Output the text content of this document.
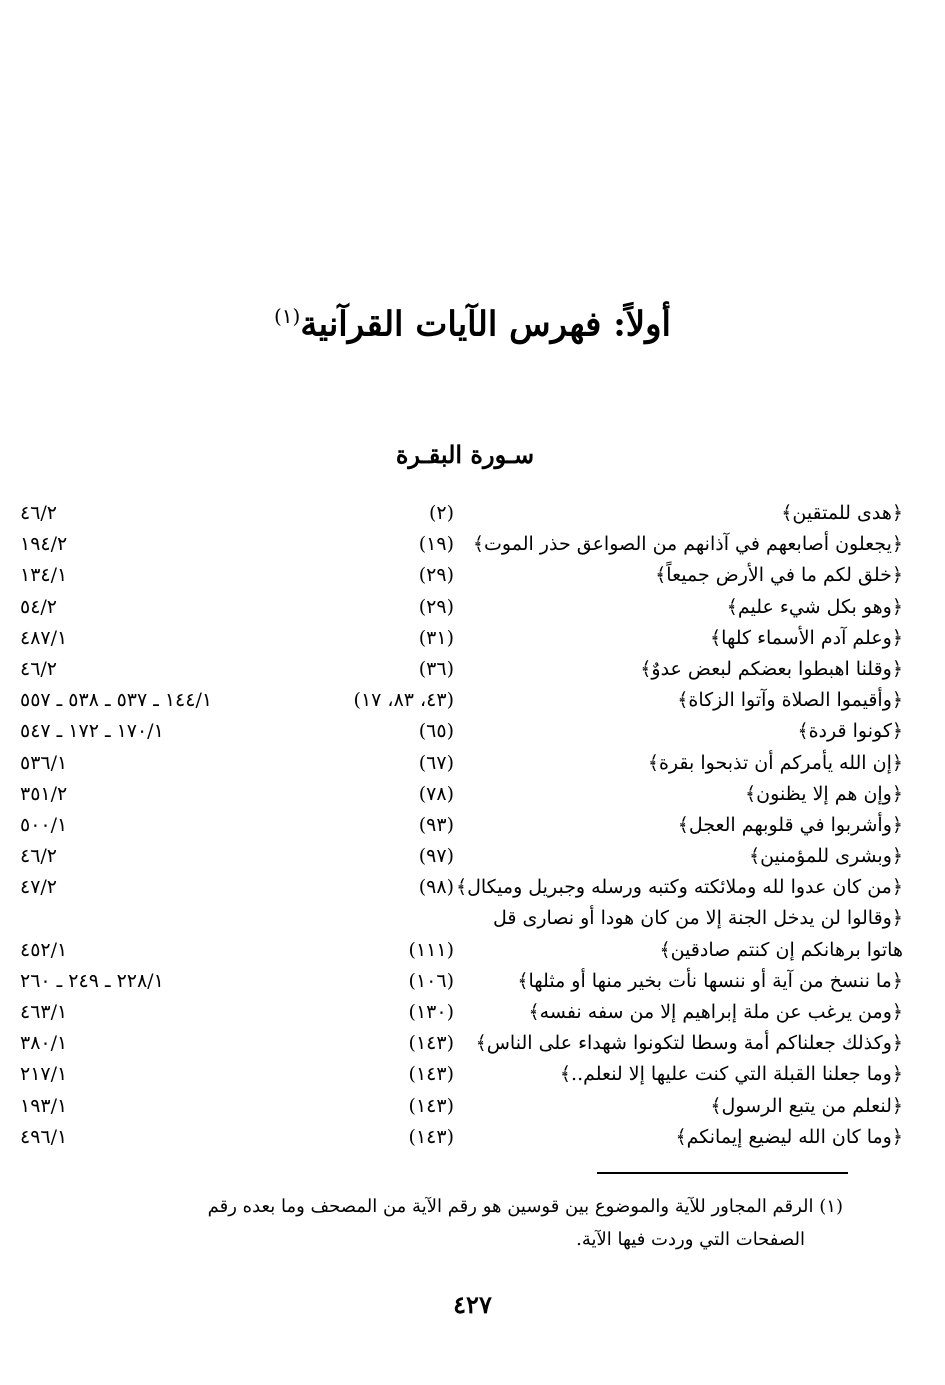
أولاً: فهرس الآيات القرآنية$^{(١)}$
سـورة البقـرة
﴿هدى للمتقين﴾
(٢)
٤٦/٢
﴿يجعلون أصابعهم في آذانهم من الصواعق حذر الموت﴾
(١٩)
١٩٤/٢
﴿خلق لكم ما في الأرض جميعاً﴾
(٢٩)
١٣٤/١
﴿وهو بكل شيء عليم﴾
(٢٩)
٥٤/٢
﴿وعلم آدم الأسماء كلها﴾
(٣١)
٤٨٧/١
﴿وقلنا اهبطوا بعضكم لبعض عدوٌ﴾
(٣٦)
٤٦/٢
﴿وأقيموا الصلاة وآتوا الزكاة﴾
(٤٣، ٨٣، ١٧)
١٤٤/١ ـ ٥٣٧ ـ ٥٣٨ ـ ٥٥٧
﴿كونوا قردة﴾
(٦٥)
١٧٠/١ ـ ١٧٢ ـ ٥٤٧
﴿إن الله يأمركم أن تذبحوا بقرة﴾
(٦٧)
٥٣٦/١
﴿وإن هم إلا يظنون﴾
(٧٨)
٣٥١/٢
﴿وأشربوا في قلوبهم العجل﴾
(٩٣)
٥٠٠/١
﴿وبشرى للمؤمنين﴾
(٩٧)
٤٦/٢
﴿من كان عدوا لله وملائكته وكتبه ورسله وجبريل وميكال﴾
(٩٨)
٤٧/٢
﴿وقالوا لن يدخل الجنة إلا من كان هودا أو نصارى قل
هاتوا برهانكم إن كنتم صادقين﴾
(١١١)
٤٥٢/١
﴿ما ننسخ من آية أو ننسها نأت بخير منها أو مثلها﴾
(١٠٦)
٢٢٨/١ ـ ٢٤٩ ـ ٢٦٠
﴿ومن يرغب عن ملة إبراهيم إلا من سفه نفسه﴾
(١٣٠)
٤٦٣/١
﴿وكذلك جعلناكم أمة وسطا لتكونوا شهداء على الناس﴾
(١٤٣)
٣٨٠/١
﴿وما جعلنا القبلة التي كنت عليها إلا لنعلم..﴾
(١٤٣)
٢١٧/١
﴿لنعلم من يتبع الرسول﴾
(١٤٣)
١٩٣/١
﴿وما كان الله ليضيع إيمانكم﴾
(١٤٣)
٤٩٦/١
(١) الرقم المجاور للآية والموضوع بين قوسين هو رقم الآية من المصحف وما بعده رقم
الصفحات التي وردت فيها الآية.
٤٢٧
